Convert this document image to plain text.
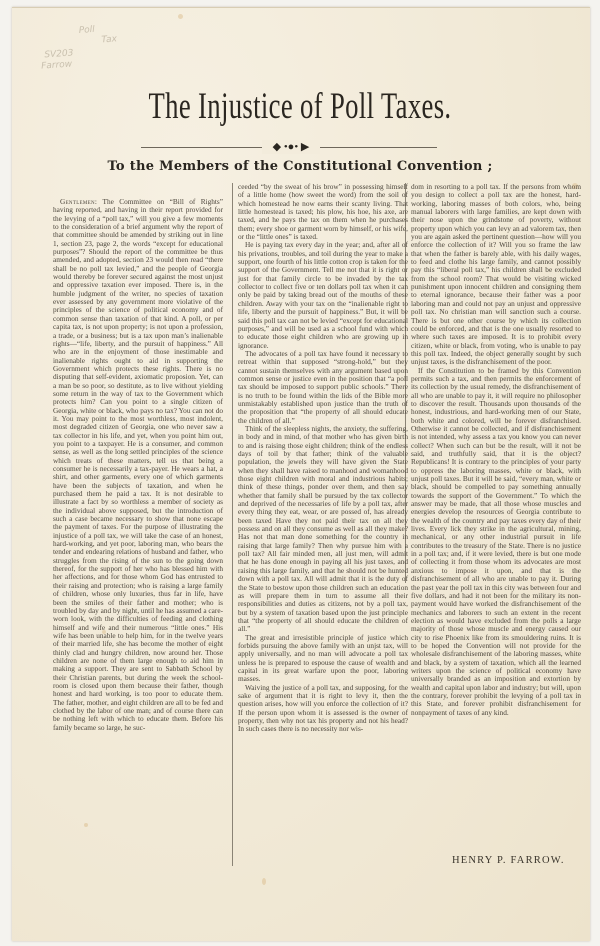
Poll
Tax
SV203
Farrow
The Injustice of Poll Taxes.
◆ •●• ▶
To the Members of the Constitutional Convention ;

Gentlemen: The Committee on “Bill of Rights” having reported, and having in their report provided for the levying of a “poll tax,” will you give a few moments to the consideration of a brief argument why the report of that committee should be amended by striking out in line 1, section 23, page 2, the words “except for educational purposes”? Should the report of the committee be thus amended, and adopted, section 23 would then read “there shall be no poll tax levied,” and the people of Georgia would thereby be forever secured against the most unjust and oppressive taxation ever imposed. There is, in the humble judgment of the writer, no species of taxation ever assessed by any government more violative of the principles of the science of political economy and of common sense than taxation of that kind. A poll, or per capita tax, is not upon property; is not upon a profession, a trade, or a business; but is a tax upon man’s inalienable rights—“life, liberty, and the pursuit of happiness.” All who are in the enjoyment of those inestimable and inalienable rights ought to aid in supporting the Government which protects these rights. There is no disputing that self-evident, axiomatic proposion. Yet, can a man be so poor, so destitute, as to live without yielding some return in the way of tax to the Government which protects him? Can you point to a single citizen of Georgia, white or black, who pays no tax? You can not do it. You may point to the most worthless, most indolent, most degraded citizen of Georgia, one who never saw a tax collector in his life, and yet, when you point him out, you point to a taxpayer. He is a consumer, and common sense, as well as the long settled principles of the science which treats of these matters, tell us that being a consumer he is necessarily a tax-payer. He wears a hat, a shirt, and other garments, every one of which garments have been the subjects of taxation, and when he purchased them he paid a tax. It is not desirable to illustrate a fact by so worthless a member of society as the individual above supposed, but the introduction of such a case became necessary to show that none escape the payment of taxes. For the purpose of illustrating the injustice of a poll tax, we will take the case of an honest, hard-working, and yet poor, laboring man, who bears the tender and endearing relations of husband and father, who struggles from the rising of the sun to the going down thereof, for the support of her who has blessed him with her affections, and for those whom God has entrusted to their raising and protection; who is raising a large family of children, whose only luxuries, thus far in life, have been the smiles of their father and mother; who is troubled by day and by night, until he has assumed a care-worn look, with the difficulties of feeding and clothing himself and wife and their numerous “little ones.” His wife has been unable to help him, for in the twelve years of their married life, she has become the mother of eight thinly clad and hungry children, now around her. Those children are none of them large enough to aid him in making a support. They are sent to Sabbath School by their Christian parents, but during the week the school-room is closed upon them because their father, though honest and hard working, is too poor to educate them. The father, mother, and eight children are all to be fed and clothed by the labor of one man; and of course there can be nothing left with which to educate them. Before his family became so large, he suc-

ceeded “by the sweat of his brow” in possessing himself of a little home (how sweet the word) from the soil of which homestead he now earns their scanty living. That little homestead is taxed; his plow, his hoe, his axe, are taxed, and he pays the tax on them when he purchases them; every shoe or garment worn by himself, or his wife, or the “little ones” is taxed.

He is paying tax every day in the year; and, after all of his privations, troubles, and toil during the year to make a support, one fourth of his little cotton crop is taken for the support of the Government. Tell me not that it is right or just for that family circle to be invaded by the tax collector to collect five or ten dollars poll tax when it can only be paid by taking bread out of the mouths of these children. Away with your tax on the “inalienable right to life, liberty and the pursuit of happiness.” But, it will be said this poll tax can not be levied “except for educational purposes,” and will be used as a school fund with which to educate those eight children who are growing up in ignorance.

The advocates of a poll tax have found it necessary to retreat within that supposed “strong-hold,” but they cannot sustain themselves with any argument based upon common sense or justice even in the position that “a poll tax should be imposed to support public schools.” There is no truth to be found within the lids of the Bible more unmistakably established upon justice than the truth of the proposition that “the property of all should educate the children of all.”

Think of the sleepless nights, the anxiety, the suffering, in body and in mind, of that mother who has given birth to and is raising those eight children; think of the endless days of toil by that father; think of the valuable population, the jewels they will have given the State when they shall have raised to manhood and womanhood those eight children with moral and industrious habits; think of these things, ponder over them, and then say whether that family shall be pursued by the tax collector and deprived of the necessaries of life by a poll tax, after every thing they eat, wear, or are possed of, has already been taxed Have they not paid their tax on all they possess and on all they consume as well as all they make? Has not that man done something for the country in raising that large family? Then why pursue him with a poll tax? All fair minded men, all just men, will admit that he has done enough in paying all his just taxes, and raising this large family, and that he should not be hunted down with a poll tax. All will admit that it is the duty of the State to bestow upon those children such an education as will prepare them in turn to assume all their responsibilities and duties as citizens, not by a poll tax, but by a system of taxation based upon the just principle that “the property of all should educate the children of all.”

The great and irresistible principle of justice which forbids pursuing the above family with an unjst tax, will apply universally, and no man will advocate a poll tax unless he is prepared to espouse the cause of wealth and capital in its great warfare upon the poor, laboring masses.

Waiving the justice of a poll tax, and supposing, for the sake of argument that it is right to levy it, then the question arises, how will you enforce the collection of it? If the person upon whom it is assessed is the owner of property, then why not tax his property and not his head? In such cases there is no necessity nor wis-

dom in resorting to a poll tax. If the persons from whom you design to collect a poll tax are the honest, hard-working, laboring masses of both colors, who, being manual laborers with large families, are kept down with their nose upon the grindstone of poverty, without property upon which you can levy an ad valorem tax, then you are again asked the pertinent question—how will you enforce the collection of it? Will you so frame the law that when the father is barely able, with his daily wages, to feed and clothe his large family, and cannot possibly pay this “liberal poll tax,” his children shall be excluded from the school room? That would be visiting wicked punishment upon innocent children and consigning them to eternal ignorance, because their father was a poor laboring man and could not pay an unjust and oppressive poll tax. No christian man will sanction such a course. There is but one other course by which its collection could be enforced, and that is the one usually resorted to where such taxes are imposed. It is to prohibit every citizen, white or black, from voting, who is unable to pay this poll tax. Indeed, the object generally sought by such unjust taxes, is the disfranchisement of the poor.

If the Constitution to be framed by this Convention permits such a tax, and then permits the enforcement of its collection by the usual remedy, the disfranchisement of all who are unable to pay it, it will require no philosopher to discover the result. Thousands upon thousands of the honest, industrious, and hard-working men of our State, both white and colored, will be forever disfranchised. Otherwise it cannot be collected, and if disfranchisement is not intended, why assess a tax you know you can never collect? When such can but be the result, will it not be said, and truthfully said, that it is the object? Republicans! It is contrary to the principles of your party to oppress the laboring masses, white or black, with unjust poll taxes. But it will be said, “every man, white or black, should be compelled to pay something annually towards the support of the Government.” To which the answer may be made, that all those whose muscles and energies develop the resources of Georgia contribute to the wealth of the country and pay taxes every day of their lives. Every lick they strike in the agricultural, mining, mechanical, or any other industrial pursuit in life contributes to the treasury of the State. There is no justice in a poll tax; and, if it were levied, there is but one mode of collecting it from those whom its advocates are most anxious to impose it upon, and that is the disfranchisement of all who are unable to pay it. During the past year the poll tax in this city was between four and five dollars, and had it not been for the military its non-payment would have worked the disfranchisement of the mechanics and laborers to such an extent in the recent election as would have excluded from the polls a large majority of those whose muscle and energy caused our city to rise Phoenix like from its smouldering ruins. It is to be hoped the Convention will not provide for the wholesale disfranchisement of the laboring masses, white and black, by a system of taxation, which all the learned writers upon the science of political economy have universally branded as an imposition and extortion by wealth and capital upon labor and industry; but will, upon the contrary, forever prohibit the levying of a poll tax in this State, and forever prohibit disfranchisement for nonpayment of taxes of any kind.

HENRY P. FARROW.
